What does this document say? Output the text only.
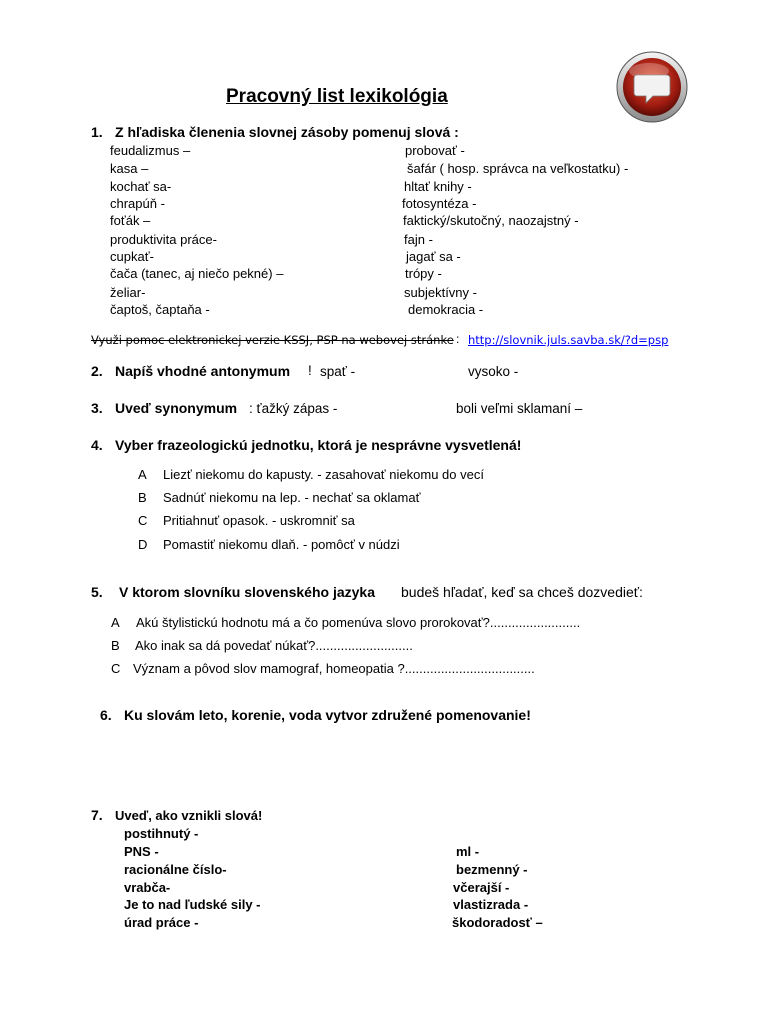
Pracovný list lexikológia
1. Z hľadiska členenia slovnej zásoby pomenuj slová :
feudalizmus –
kasa –
kochať sa-
chrapúň -
foťák –
produktivita práce-
cupkať-
čača (tanec, aj niečo pekné) –
želiar-
čaptoš, čaptaňa -
probovať -
šafár ( hosp. správca na veľkostatku) -
hltať knihy -
fotosyntéza -
faktický/skutočný, naozajstný -
fajn -
jagať sa -
trópy -
subjektívny -
demokracia -
Využi pomoc elektronickej verzie KSSJ, PSP na webovej stránke : http://slovnik.juls.savba.sk/?d=psp
2. Napíš vhodné antonymum ! spať -	vysoko -
3. Uveď synonymum : ťažký zápas -	boli veľmi sklamaní –
4. Vyber frazeologickú jednotku, ktorá je nesprávne vysvetlená!
A Liezť niekomu do kapusty. - zasahovať niekomu do vecí
B Sadnúť niekomu na lep. - nechať sa oklamať
C Pritiahnuť opasok. - uskromniť sa
D Pomastiť niekomu dlaň. - pomôcť v núdzi
5. V ktorom slovníku slovenského jazyka budeš hľadať, keď sa chceš dozvedieť:
A Akú štylistickú hodnotu má a čo pomenúva slovo prorokovať?.........................
B Ako inak sa dá povedať núkať?...........................
C Význam a pôvod slov mamograf, homeopatia ?....................................
6. Ku slovám leto, korenie, voda vytvor združené pomenovanie!
7. Uveď, ako vznikli slová!
postihnutý -
PNS -
racionálne číslo-
vrabča-
Je to nad ľudské sily -
úrad práce -
ml -
bezmenný -
včerajší -
vlastizrada -
škodoradosť –
